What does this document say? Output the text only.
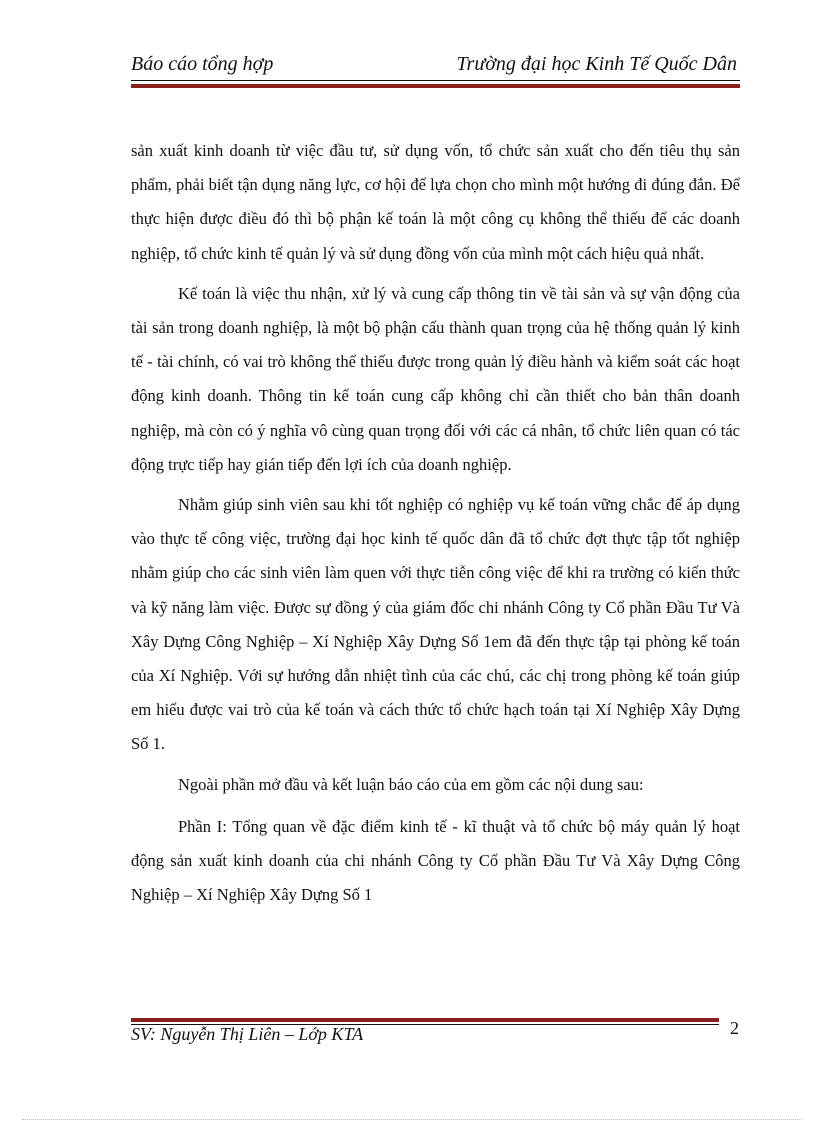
Báo cáo tổng hợp	Trường đại học Kinh Tế Quốc Dân

sản xuất kinh doanh từ việc đầu tư, sử dụng vốn, tổ chức sản xuất cho đến tiêu thụ sản phẩm, phải biết tận dụng năng lực, cơ hội để lựa chọn cho mình một hướng đi đúng đắn. Để thực hiện được điều đó thì bộ phận kế toán là một công cụ không thể thiếu để các doanh nghiệp, tổ chức kinh tế quản lý và sử dụng đồng vốn của mình một cách hiệu quả nhất.

Kế toán là việc thu nhận, xử lý và cung cấp thông tin về tài sản và sự vận động của tài sản trong doanh nghiệp, là một bộ phận cấu thành quan trọng của hệ thống quản lý kinh tế - tài chính, có vai trò không thể thiếu được trong quản lý điều hành và kiểm soát các hoạt động kinh doanh. Thông tin kế toán cung cấp không chỉ cần thiết cho bản thân doanh nghiệp, mà còn có ý nghĩa vô cùng quan trọng đối với các cá nhân, tổ chức liên quan có tác động trực tiếp hay gián tiếp đến lợi ích của doanh nghiệp.

Nhằm giúp sinh viên sau khi tốt nghiệp có nghiệp vụ kế toán vững chắc để áp dụng vào thực tế công việc, trường đại học kinh tế quốc dân đã tổ chức đợt thực tập tốt nghiệp nhằm giúp cho các sinh viên làm quen với thực tiễn công việc để khi ra trường có kiến thức và kỹ năng làm việc. Được sự đồng ý của giám đốc chi nhánh Công ty Cổ phần Đầu Tư Và Xây Dựng Công Nghiệp – Xí Nghiệp Xây Dựng Số 1em đã đến thực tập tại phòng kế toán của Xí Nghiệp. Với sự hướng dẫn nhiệt tình của các chú, các chị trong phòng kế toán giúp em hiểu được vai trò của kế toán và cách thức tổ chức hạch toán tại Xí Nghiệp Xây Dựng Số 1.

Ngoài phần mở đầu và kết luận báo cáo của em gồm các nội dung sau:

Phần I: Tổng quan về đặc điểm kinh tế - kĩ thuật và tổ chức bộ máy quản lý hoạt động sản xuất kinh doanh của chi nhánh Công ty Cổ phần Đầu Tư Và Xây Dựng Công Nghiệp – Xí Nghiệp Xây Dựng Số 1

SV: Nguyễn Thị Liên – Lớp KTA	2
